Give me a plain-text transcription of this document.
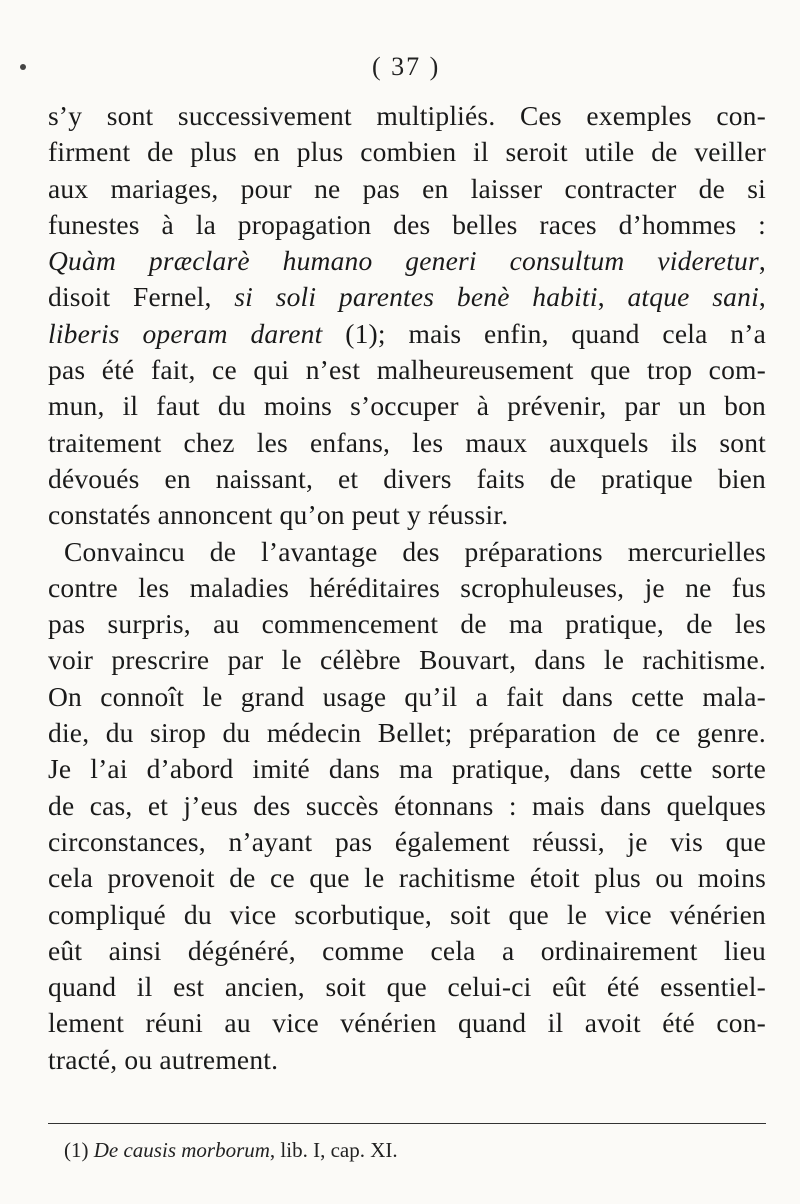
( 37 )
s’y sont successivement multipliés. Ces exemples con-
firment de plus en plus combien il seroit utile de veiller
aux mariages, pour ne pas en laisser contracter de si
funestes à la propagation des belles races d’hommes :
Quàm præclarè humano generi consultum videretur,
disoit Fernel, si soli parentes benè habiti, atque sani,
liberis operam darent (1); mais enfin, quand cela n’a
pas été fait, ce qui n’est malheureusement que trop com-
mun, il faut du moins s’occuper à prévenir, par un bon
traitement chez les enfans, les maux auxquels ils sont
dévoués en naissant, et divers faits de pratique bien
constatés annoncent qu’on peut y réussir.
Convaincu de l’avantage des préparations mercurielles
contre les maladies héréditaires scrophuleuses, je ne fus
pas surpris, au commencement de ma pratique, de les
voir prescrire par le célèbre Bouvart, dans le rachitisme.
On connoît le grand usage qu’il a fait dans cette mala-
die, du sirop du médecin Bellet; préparation de ce genre.
Je l’ai d’abord imité dans ma pratique, dans cette sorte
de cas, et j’eus des succès étonnans : mais dans quelques
circonstances, n’ayant pas également réussi, je vis que
cela provenoit de ce que le rachitisme étoit plus ou moins
compliqué du vice scorbutique, soit que le vice vénérien
eût ainsi dégénéré, comme cela a ordinairement lieu
quand il est ancien, soit que celui-ci eût été essentiel-
lement réuni au vice vénérien quand il avoit été con-
tracté, ou autrement.
(1) De causis morborum, lib. I, cap. XI.
